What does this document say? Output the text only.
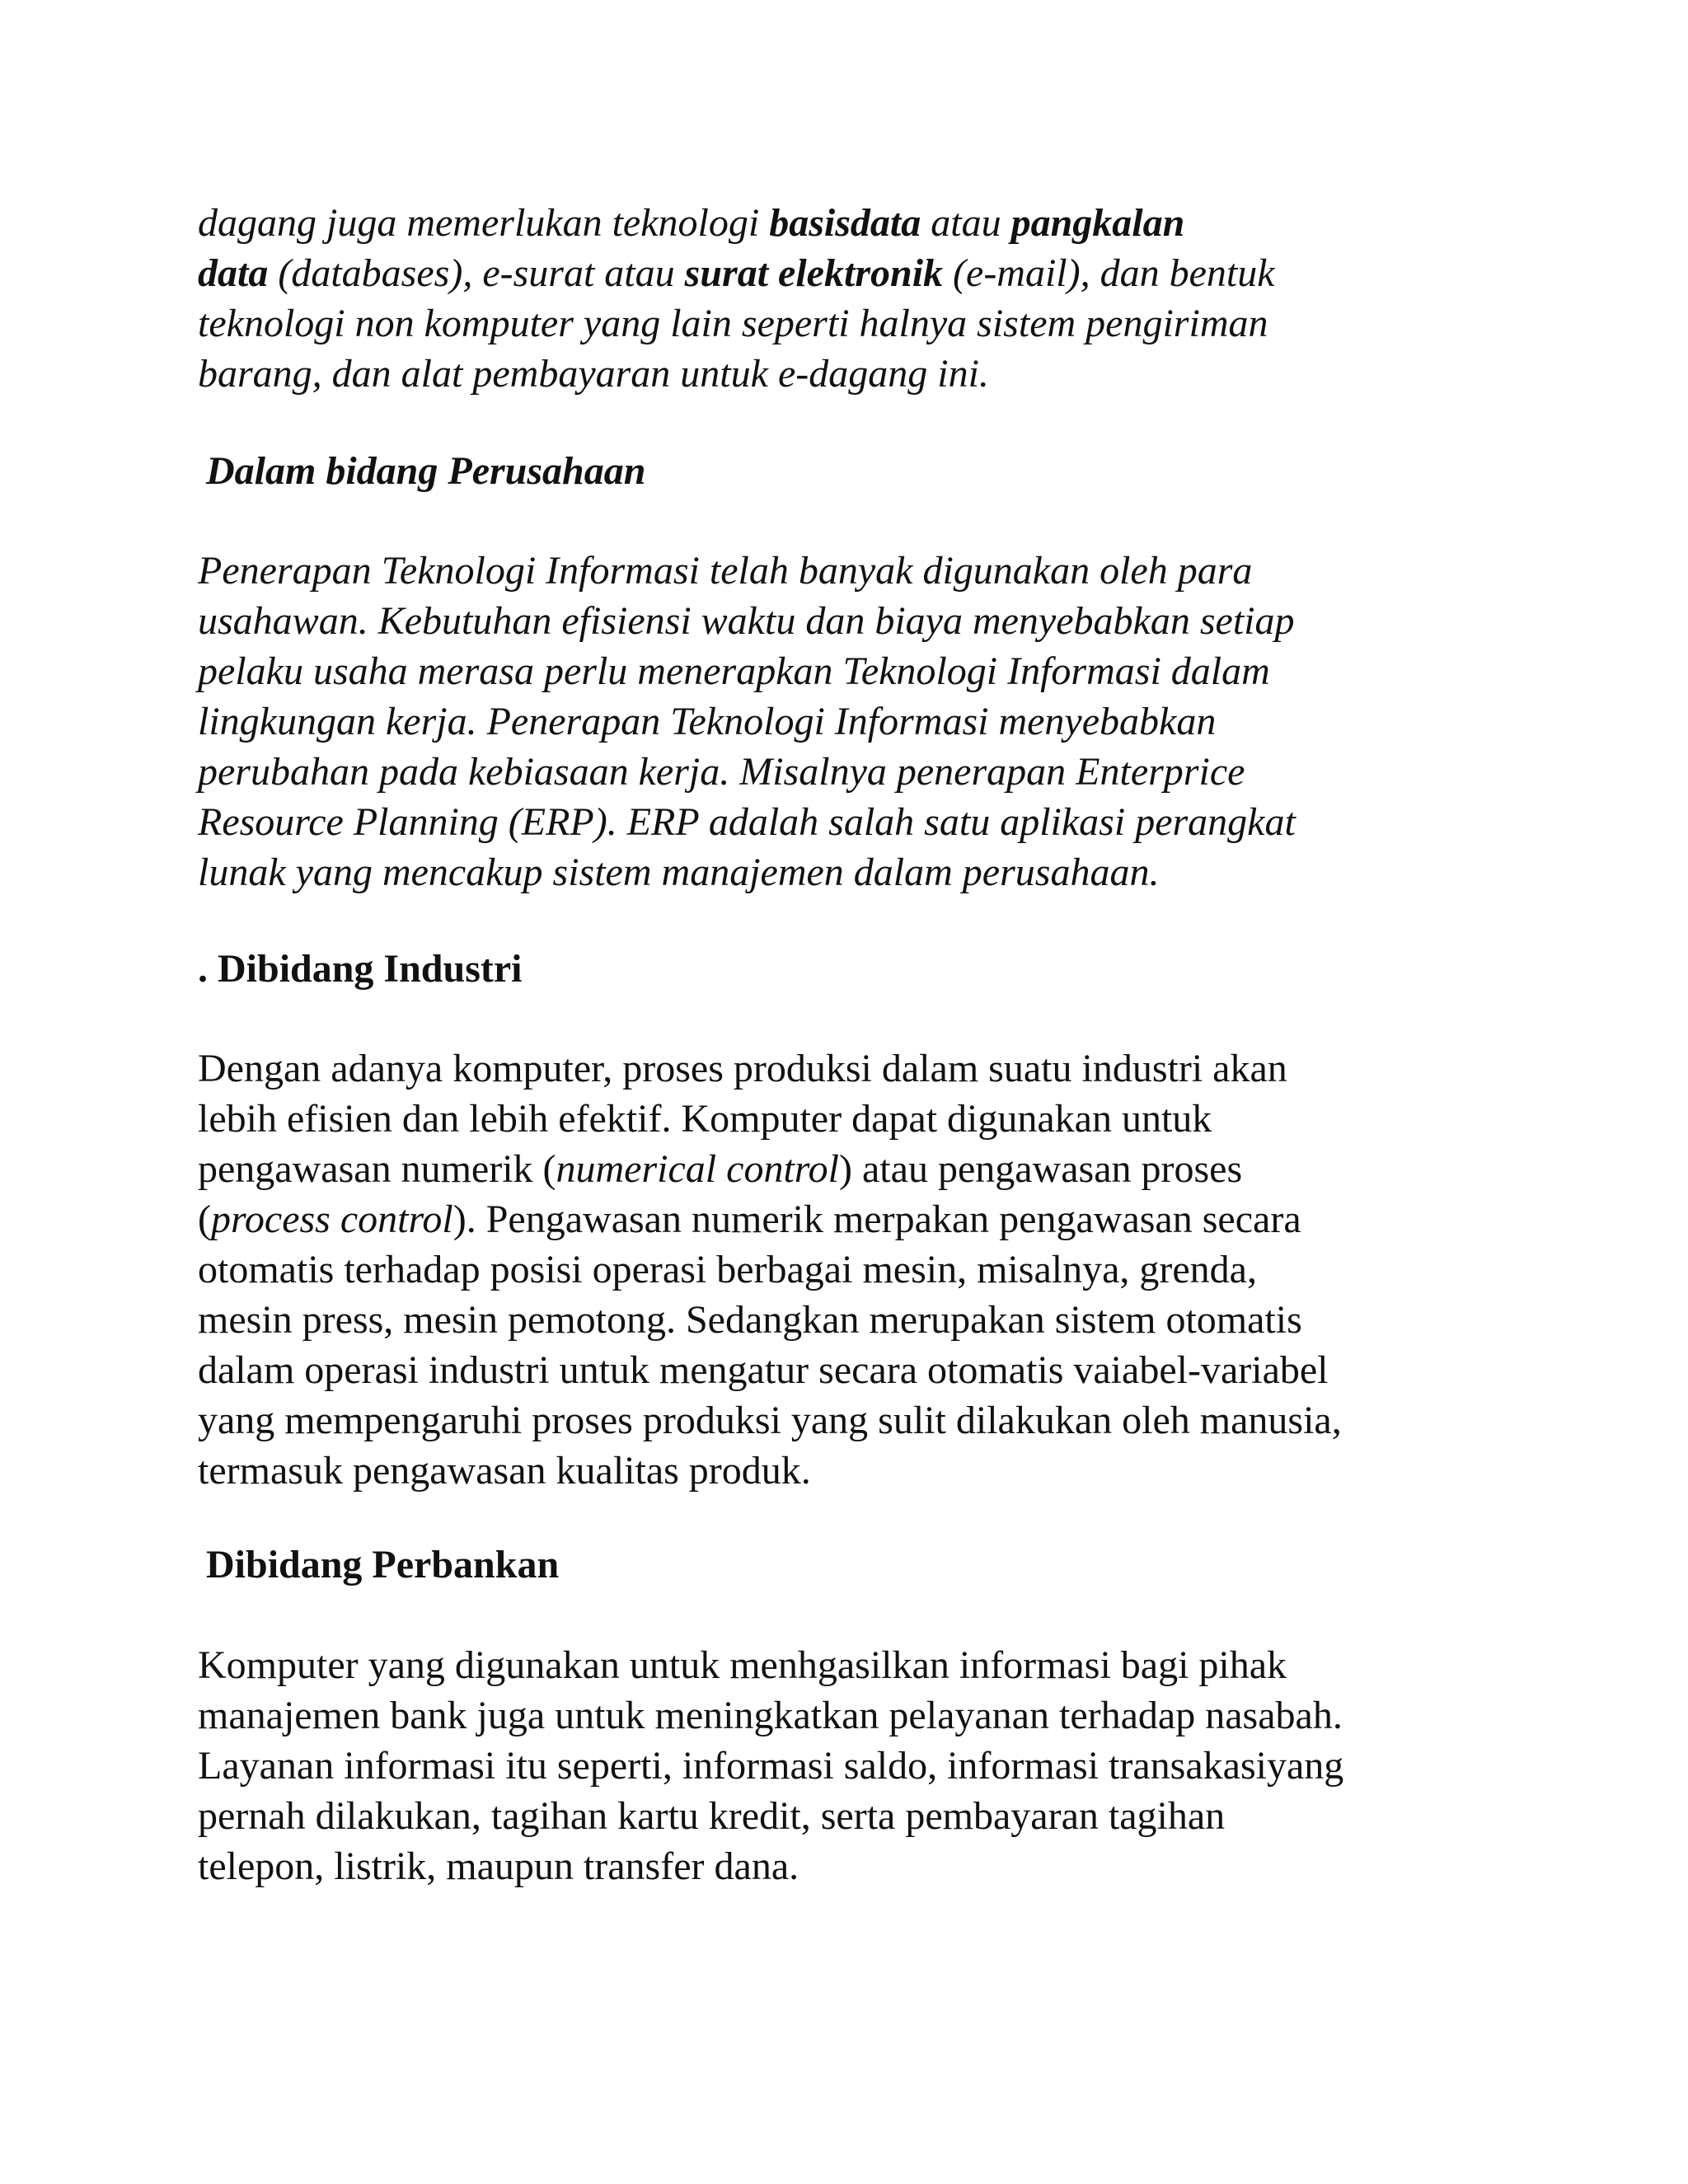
dagang juga memerlukan teknologi basisdata atau pangkalan
data (databases), e-surat atau surat elektronik (e-mail), dan bentuk
teknologi non komputer yang lain seperti halnya sistem pengiriman
barang, dan alat pembayaran untuk e-dagang ini.
Dalam bidang Perusahaan
Penerapan Teknologi Informasi telah banyak digunakan oleh para
usahawan. Kebutuhan efisiensi waktu dan biaya menyebabkan setiap
pelaku usaha merasa perlu menerapkan Teknologi Informasi dalam
lingkungan kerja. Penerapan Teknologi Informasi menyebabkan
perubahan pada kebiasaan kerja. Misalnya penerapan Enterprice
Resource Planning (ERP). ERP adalah salah satu aplikasi perangkat
lunak yang mencakup sistem manajemen dalam perusahaan.
. Dibidang Industri
Dengan adanya komputer, proses produksi dalam suatu industri akan
lebih efisien dan lebih efektif. Komputer dapat digunakan untuk
pengawasan numerik (numerical control) atau pengawasan proses
(process control). Pengawasan numerik merpakan pengawasan secara
otomatis terhadap posisi operasi berbagai mesin, misalnya, grenda,
mesin press, mesin pemotong. Sedangkan merupakan sistem otomatis
dalam operasi industri untuk mengatur secara otomatis vaiabel-variabel
yang mempengaruhi proses produksi yang sulit dilakukan oleh manusia,
termasuk pengawasan kualitas produk.
Dibidang Perbankan
Komputer yang digunakan untuk menhgasilkan informasi bagi pihak
manajemen bank juga untuk meningkatkan pelayanan terhadap nasabah.
Layanan informasi itu seperti, informasi saldo, informasi transakasiyang
pernah dilakukan, tagihan kartu kredit, serta pembayaran tagihan
telepon, listrik, maupun transfer dana.
